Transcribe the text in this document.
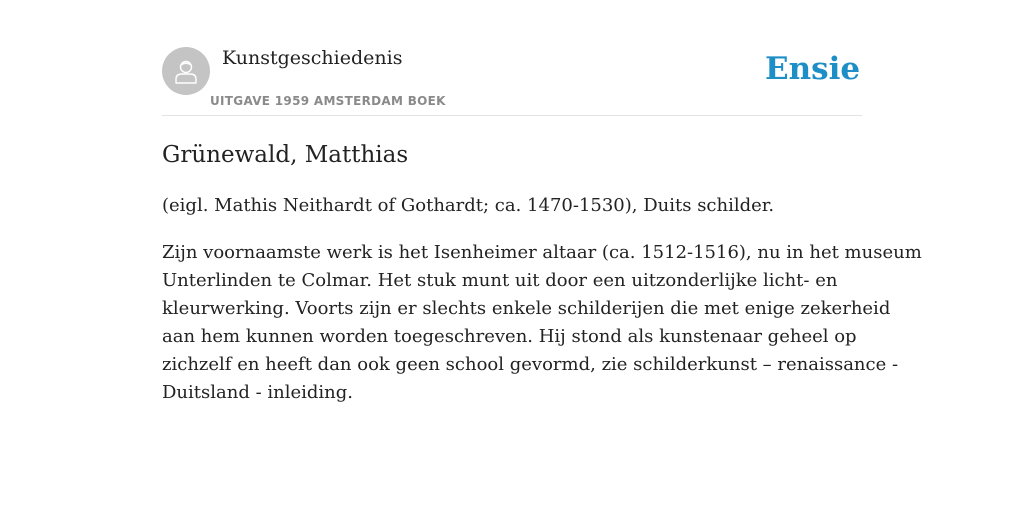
Kunstgeschiedenis
UITGAVE 1959 AMSTERDAM BOEK
Ensie
Grünewald, Matthias

(eigl. Mathis Neithardt of Gothardt; ca. 1470-1530), Duits schilder.

Zijn voornaamste werk is het Isenheimer altaar (ca. 1512-1516), nu in het museum
Unterlinden te Colmar. Het stuk munt uit door een uitzonderlijke licht- en
kleurwerking. Voorts zijn er slechts enkele schilderijen die met enige zekerheid
aan hem kunnen worden toegeschreven. Hij stond als kunstenaar geheel op
zichzelf en heeft dan ook geen school gevormd, zie schilderkunst – renaissance -
Duitsland - inleiding.
